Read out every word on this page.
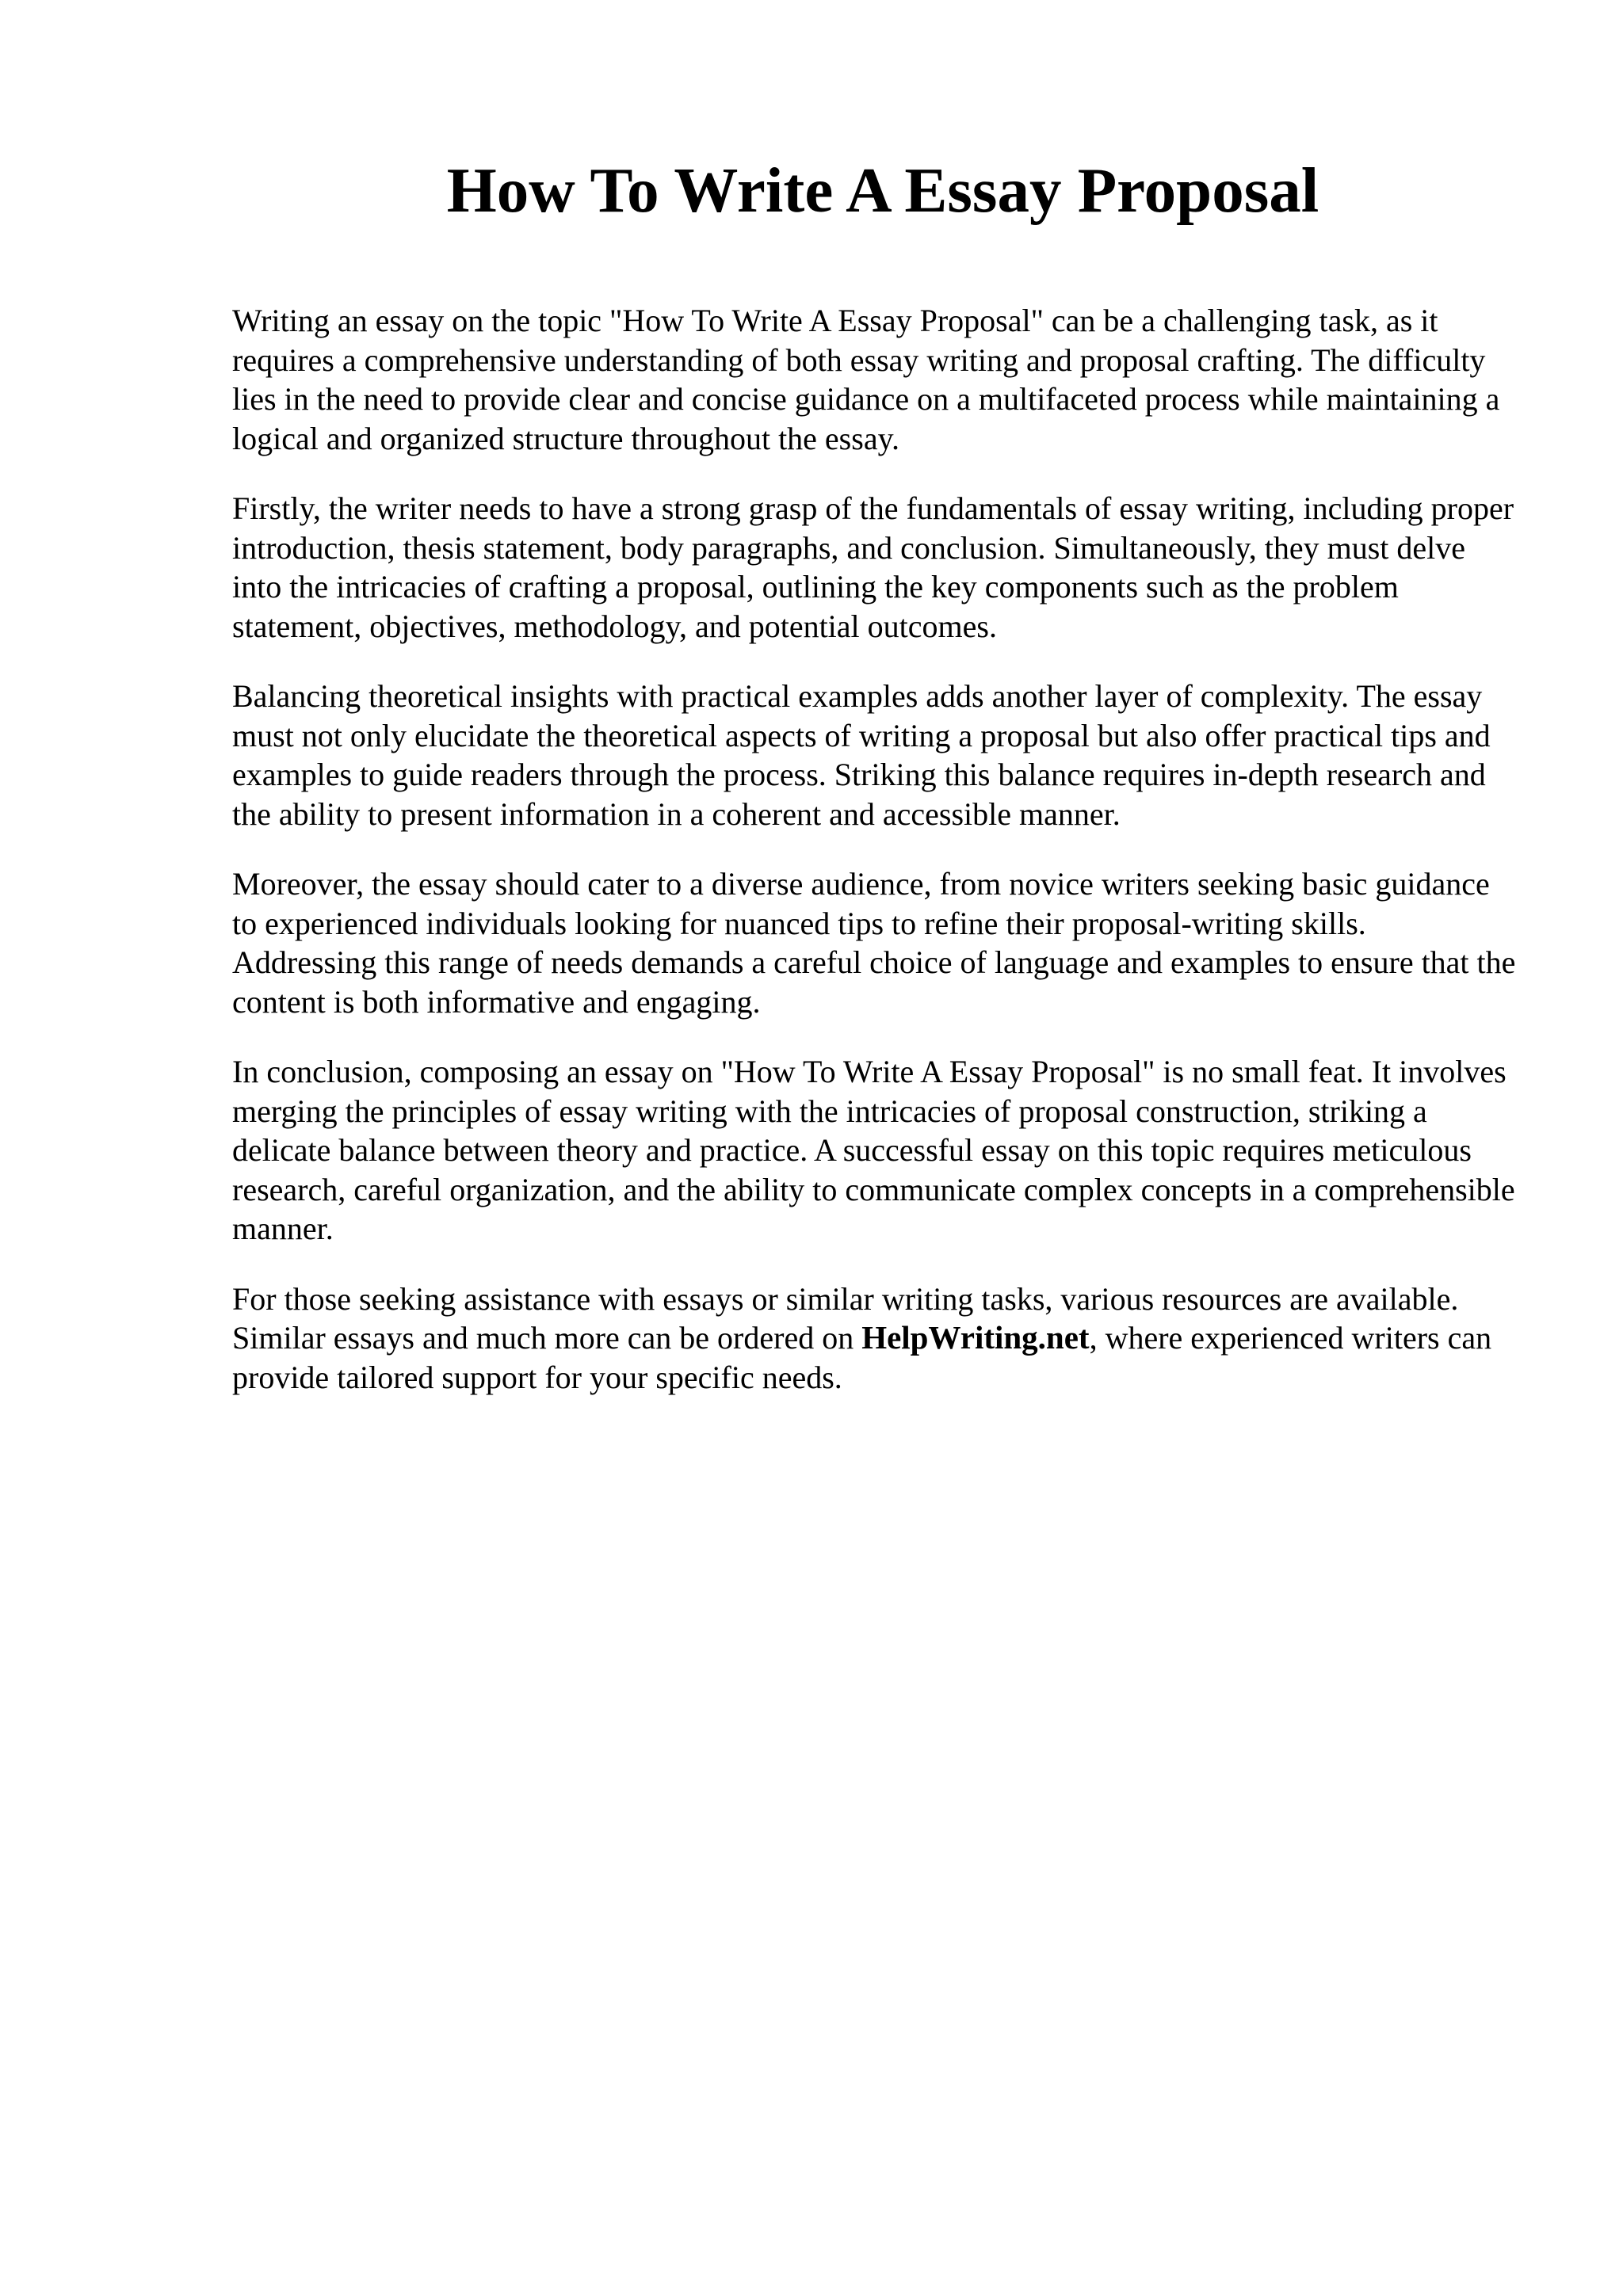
How To Write A Essay Proposal

Writing an essay on the topic "How To Write A Essay Proposal" can be a challenging task, as it requires a comprehensive understanding of both essay writing and proposal crafting. The difficulty lies in the need to provide clear and concise guidance on a multifaceted process while maintaining a logical and organized structure throughout the essay.

Firstly, the writer needs to have a strong grasp of the fundamentals of essay writing, including proper introduction, thesis statement, body paragraphs, and conclusion. Simultaneously, they must delve into the intricacies of crafting a proposal, outlining the key components such as the problem statement, objectives, methodology, and potential outcomes.

Balancing theoretical insights with practical examples adds another layer of complexity. The essay must not only elucidate the theoretical aspects of writing a proposal but also offer practical tips and examples to guide readers through the process. Striking this balance requires in-depth research and the ability to present information in a coherent and accessible manner.

Moreover, the essay should cater to a diverse audience, from novice writers seeking basic guidance to experienced individuals looking for nuanced tips to refine their proposal-writing skills. Addressing this range of needs demands a careful choice of language and examples to ensure that the content is both informative and engaging.

In conclusion, composing an essay on "How To Write A Essay Proposal" is no small feat. It involves merging the principles of essay writing with the intricacies of proposal construction, striking a delicate balance between theory and practice. A successful essay on this topic requires meticulous research, careful organization, and the ability to communicate complex concepts in a comprehensible manner.

For those seeking assistance with essays or similar writing tasks, various resources are available. Similar essays and much more can be ordered on HelpWriting.net, where experienced writers can provide tailored support for your specific needs.
